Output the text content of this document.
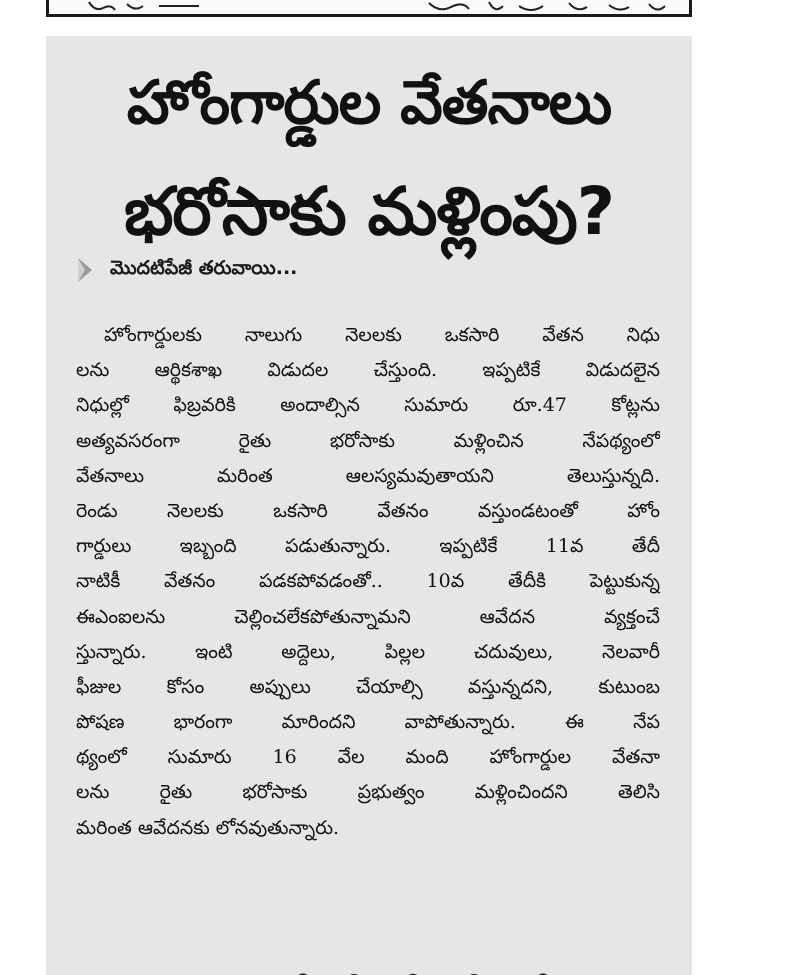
హోంగార్డుల వేతనాలు
భరోసాకు మళ్లింపు?
మొదటిపేజీ తరువాయి...
హోంగార్డులకు నాలుగు నెలలకు ఒకసారి వేతన నిధు
లను ఆర్థికశాఖ విడుదల చేస్తుంది. ఇప్పటికే విడుదలైన
నిధుల్లో ఫిబ్రవరికి అందాల్సిన సుమారు రూ.47 కోట్లను
అత్యవసరంగా రైతు భరోసాకు మళ్లించిన నేపథ్యంలో
వేతనాలు మరింత ఆలస్యమవుతాయని తెలుస్తున్నది.
రెండు నెలలకు ఒకసారి వేతనం వస్తుండటంతో హోం
గార్డులు ఇబ్బంది పడుతున్నారు. ఇప్పటికే 11వ తేదీ
నాటికీ వేతనం పడకపోవడంతో.. 10వ తేదీకి పెట్టుకున్న
ఈఎంఐలను చెల్లించలేకపోతున్నామని ఆవేదన వ్యక్తంచే
స్తున్నారు. ఇంటి అద్దెలు, పిల్లల చదువులు, నెలవారీ
ఫీజుల కోసం అప్పులు చేయాల్సి వస్తున్నదని, కుటుంబ
పోషణ భారంగా మారిందని వాపోతున్నారు. ఈ నేప
థ్యంలో సుమారు 16 వేల మంది హోంగార్డుల వేతనా
లను రైతు భరోసాకు ప్రభుత్వం మళ్లించిందని తెలిసి
మరింత ఆవేదనకు లోనవుతున్నారు.
